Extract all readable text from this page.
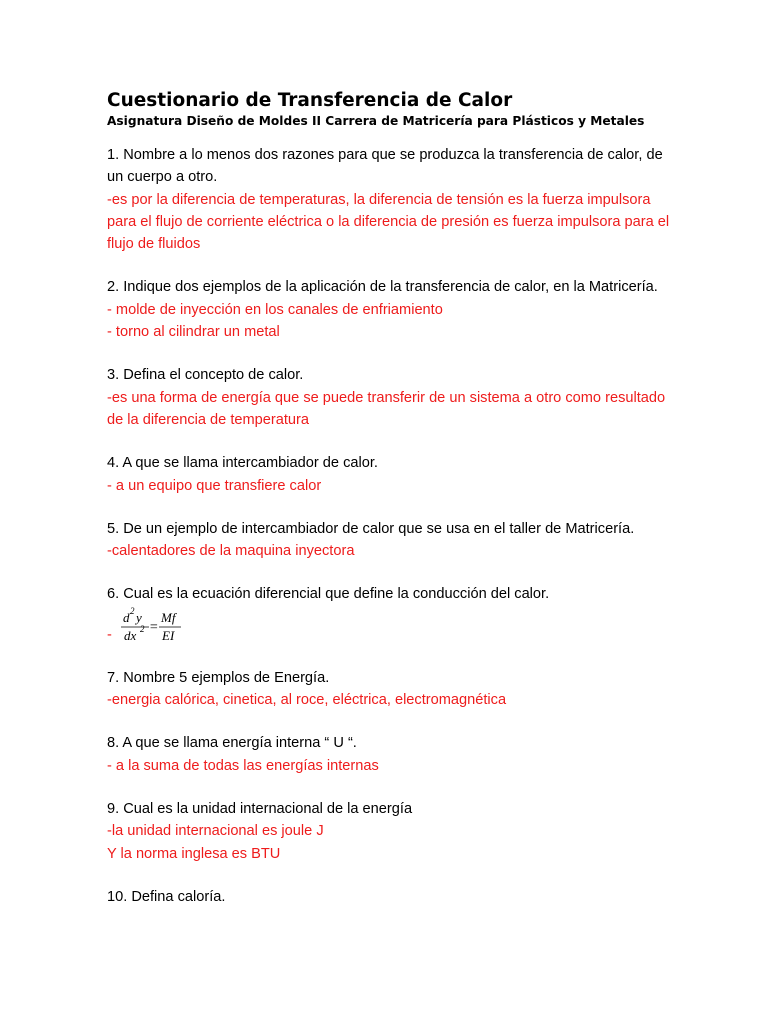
Cuestionario de Transferencia de Calor
Asignatura Diseño de Moldes II Carrera de Matricería para Plásticos y Metales

1. Nombre a lo menos dos razones para que se produzca la transferencia de calor, de un cuerpo a otro.

-es por la diferencia de temperaturas, la diferencia de tensión es la fuerza impulsora para el flujo de corriente eléctrica o la diferencia de presión es fuerza impulsora para el flujo de fluidos

2. Indique dos ejemplos de la aplicación de la transferencia de calor, en la Matricería.

- molde de inyección en los canales de enfriamiento

- torno al cilindrar un metal

3. Defina el concepto de calor.

-es una forma de energía que se puede transferir de un sistema a otro como resultado de la diferencia de temperatura

4. A que se llama intercambiador de calor.

- a un equipo que transfiere calor

5. De un ejemplo de intercambiador de calor que se usa en el taller de Matricería.

-calentadores de la maquina inyectora

6. Cual es la ecuación diferencial que define la conducción del calor.

-
d 2 y
dx 2 =
Mf
EI

7. Nombre 5 ejemplos de Energía.

-energia calórica, cinetica, al roce, eléctrica, electromagnética

8. A que se llama energía interna “ U “.

- a la suma de todas las energías internas

9. Cual es la unidad internacional de la energía

-la unidad internacional es joule J

Y la norma inglesa es BTU

10. Defina caloría.
